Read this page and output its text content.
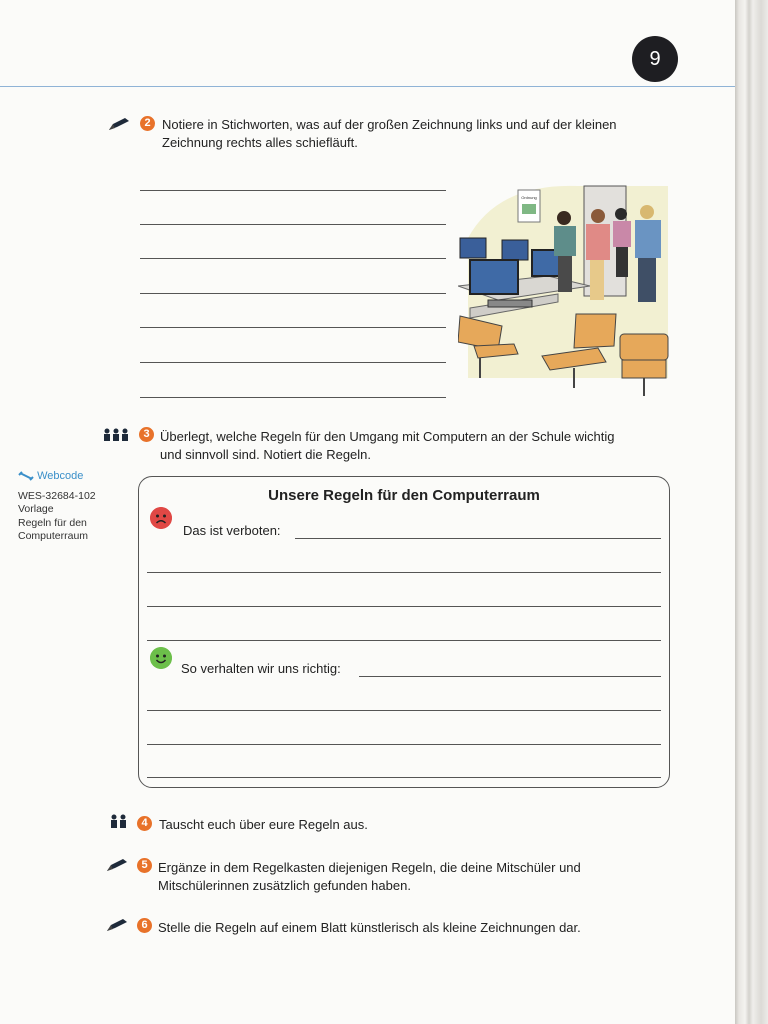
9
2 Notiere in Stichworten, was auf der großen Zeichnung links und auf der kleinen
Zeichnung rechts alles schiefläuft.
Ordnung
3 Überlegt, welche Regeln für den Umgang mit Computern an der Schule wichtig
und sinnvoll sind. Notiert die Regeln.
Webcode
WES-32684-102
Vorlage
Regeln für den
Computerraum
Unsere Regeln für den Computerraum
Das ist verboten:
So verhalten wir uns richtig:
4 Tauscht euch über eure Regeln aus.
5 Ergänze in dem Regelkasten diejenigen Regeln, die deine Mitschüler und
Mitschülerinnen zusätzlich gefunden haben.
6 Stelle die Regeln auf einem Blatt künstlerisch als kleine Zeichnungen dar.
